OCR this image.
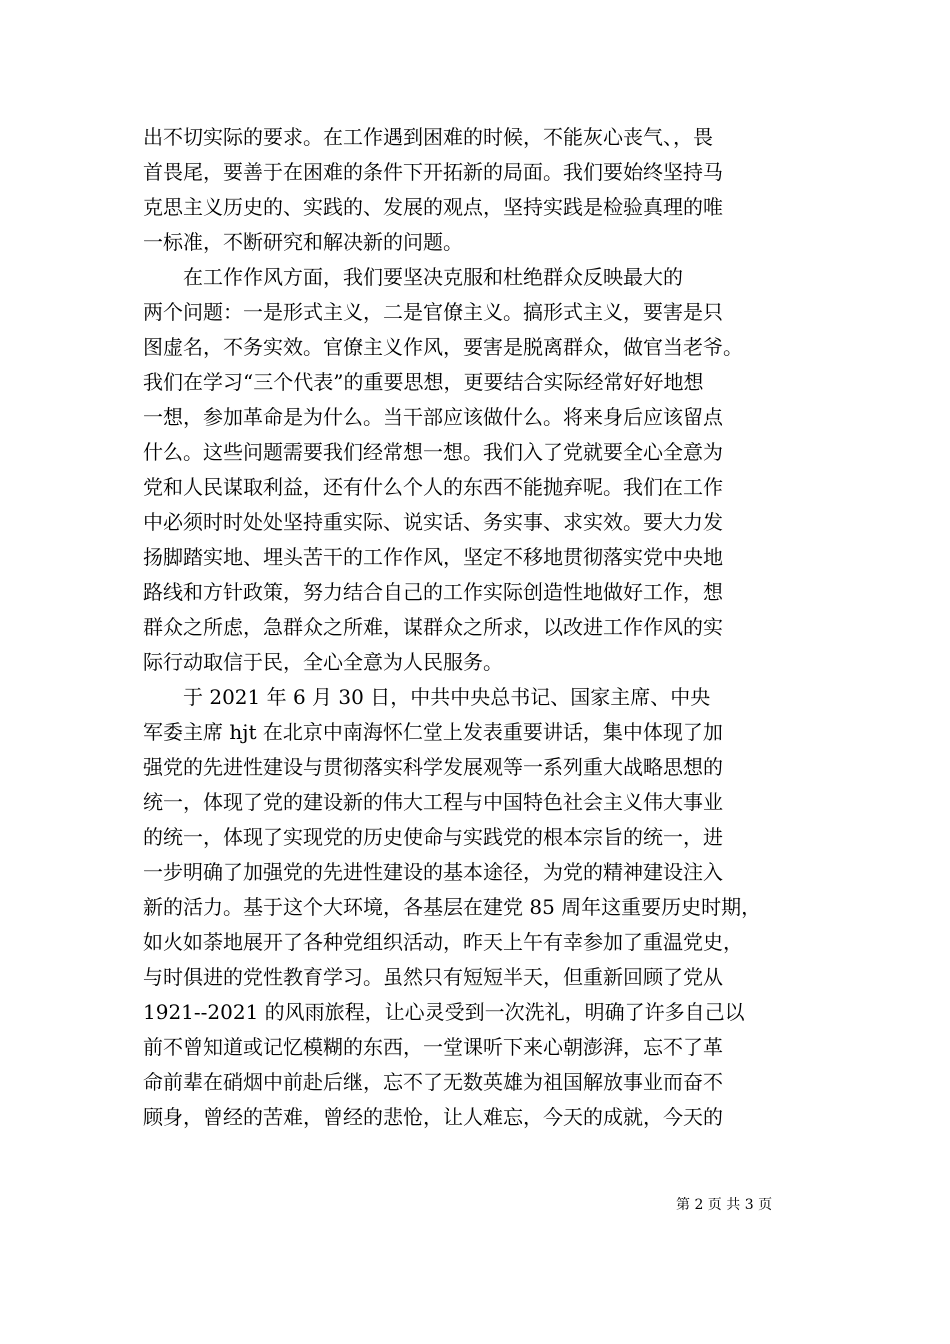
出不切实际的要求。在工作遇到困难的时候，不能灰心丧气、，畏
首畏尾，要善于在困难的条件下开拓新的局面。我们要始终坚持马
克思主义历史的、实践的、发展的观点，坚持实践是检验真理的唯
一标准，不断研究和解决新的问题。
　　在工作作风方面，我们要坚决克服和杜绝群众反映最大的
两个问题：一是形式主义，二是官僚主义。搞形式主义，要害是只
图虚名，不务实效。官僚主义作风，要害是脱离群众，做官当老爷。
我们在学习“三个代表”的重要思想，更要结合实际经常好好地想
一想，参加革命是为什么。当干部应该做什么。将来身后应该留点
什么。这些问题需要我们经常想一想。我们入了党就要全心全意为
党和人民谋取利益，还有什么个人的东西不能抛弃呢。我们在工作
中必须时时处处坚持重实际、说实话、务实事、求实效。要大力发
扬脚踏实地、埋头苦干的工作作风，坚定不移地贯彻落实党中央地
路线和方针政策，努力结合自己的工作实际创造性地做好工作，想
群众之所虑，急群众之所难，谋群众之所求，以改进工作作风的实
际行动取信于民，全心全意为人民服务。
　　于 2021 年 6 月 30 日，中共中央总书记、国家主席、中央
军委主席 hjt 在北京中南海怀仁堂上发表重要讲话，集中体现了加
强党的先进性建设与贯彻落实科学发展观等一系列重大战略思想的
统一，体现了党的建设新的伟大工程与中国特色社会主义伟大事业
的统一，体现了实现党的历史使命与实践党的根本宗旨的统一，进
一步明确了加强党的先进性建设的基本途径，为党的精神建设注入
新的活力。基于这个大环境，各基层在建党 85 周年这重要历史时期，
如火如荼地展开了各种党组织活动，昨天上午有幸参加了重温党史，
与时俱进的党性教育学习。虽然只有短短半天，但重新回顾了党从
1921--2021 的风雨旅程，让心灵受到一次洗礼，明确了许多自己以
前不曾知道或记忆模糊的东西，一堂课听下来心朝澎湃，忘不了革
命前辈在硝烟中前赴后继，忘不了无数英雄为祖国解放事业而奋不
顾身，曾经的苦难，曾经的悲怆，让人难忘，今天的成就，今天的
第 2 页 共 3 页
